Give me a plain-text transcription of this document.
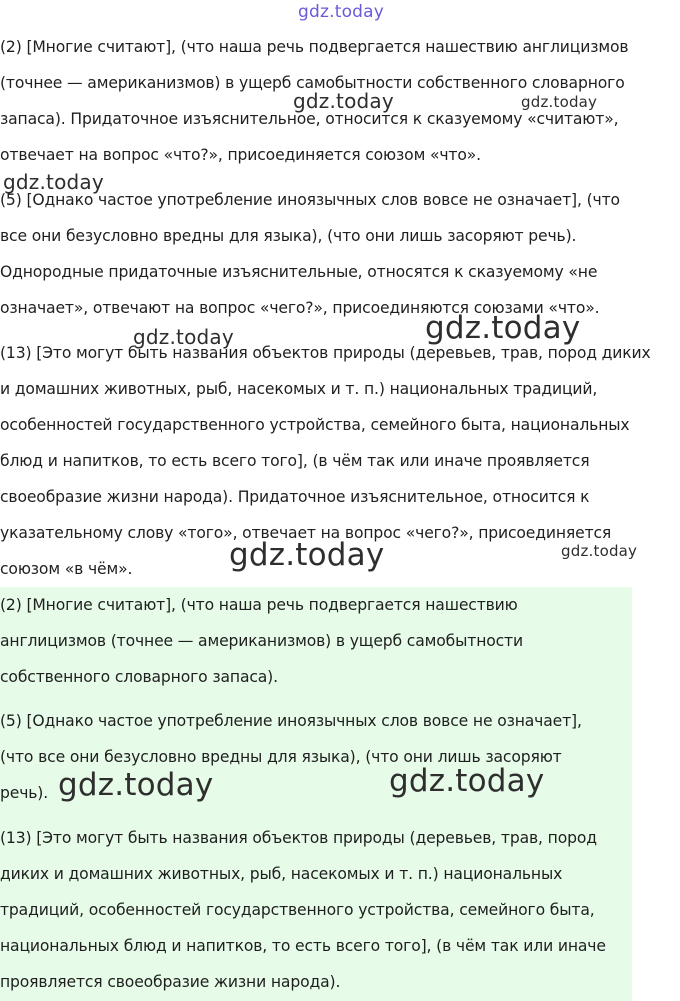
(2) [Многие считают], (что наша речь подвергается нашествию англицизмов
(точнее — американизмов) в ущерб самобытности собственного словарного
запаса). Придаточное изъяснительное, относится к сказуемому «считают»,
отвечает на вопрос «что?», присоединяется союзом «что».
(5) [Однако частое употребление иноязычных слов вовсе не означает], (что
все они безусловно вредны для языка), (что они лишь засоряют речь).
Однородные придаточные изъяснительные, относятся к сказуемому «не
означает», отвечают на вопрос «чего?», присоединяются союзами «что».
(13) [Это могут быть названия объектов природы (деревьев, трав, пород диких
и домашних животных, рыб, насекомых и т. п.) национальных традиций,
особенностей государственного устройства, семейного быта, национальных
блюд и напитков, то есть всего того], (в чём так или иначе проявляется
своеобразие жизни народа). Придаточное изъяснительное, относится к
указательному слову «того», отвечает на вопрос «чего?», присоединяется
союзом «в чём».
(2) [Многие считают], (что наша речь подвергается нашествию
англицизмов (точнее — американизмов) в ущерб самобытности
собственного словарного запаса).
(5) [Однако частое употребление иноязычных слов вовсе не означает],
(что все они безусловно вредны для языка), (что они лишь засоряют
речь).
(13) [Это могут быть названия объектов природы (деревьев, трав, пород
диких и домашних животных, рыб, насекомых и т. п.) национальных
традиций, особенностей государственного устройства, семейного быта,
национальных блюд и напитков, то есть всего того], (в чём так или иначе
проявляется своеобразие жизни народа).
gdz.today
gdz.today	gdz.today
gdz.today
gdz.today	gdz.today
gdz.today	gdz.today
gdz.today	gdz.today
